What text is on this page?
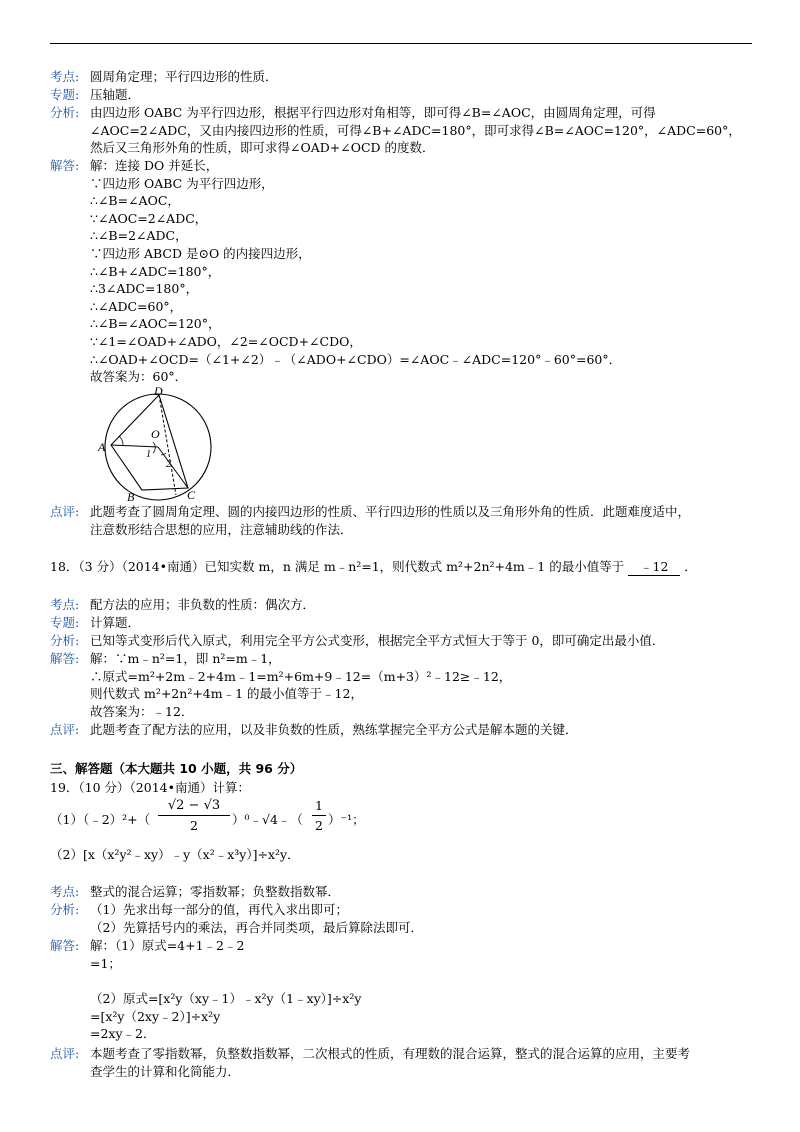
考点: 圆周角定理；平行四边形的性质．
专题: 压轴题．
分析: 由四边形 OABC 为平行四边形，根据平行四边形对角相等，即可得∠B=∠AOC，由圆周角定理，可得
∠AOC=2∠ADC，又由内接四边形的性质，可得∠B+∠ADC=180°，即可求得∠B=∠AOC=120°，∠ADC=60°，
然后又三角形外角的性质，即可求得∠OAD+∠OCD 的度数．
解答: 解：连接 DO 并延长，
∵四边形 OABC 为平行四边形，
∴∠B=∠AOC，
∵∠AOC=2∠ADC，
∴∠B=2∠ADC，
∵四边形 ABCD 是⊙O 的内接四边形，
∴∠B+∠ADC=180°，
∴3∠ADC=180°，
∴∠ADC=60°，
∴∠B=∠AOC=120°，
∵∠1=∠OAD+∠ADO，∠2=∠OCD+∠CDO，
∴∠OAD+∠OCD=（∠1+∠2）﹣（∠ADO+∠CDO）=∠AOC﹣∠ADC=120°﹣60°=60°．
故答案为：60°．
D
O
A
B	C
1
2
点评: 此题考查了圆周角定理、圆的内接四边形的性质、平行四边形的性质以及三角形外角的性质．此题难度适中，
注意数形结合思想的应用，注意辅助线的作法．
18．（3 分）（2014•南通）已知实数 m，n 满足 m﹣n²=1，则代数式 m²+2n²+4m﹣1 的最小值等于 ﹣12 ．
考点: 配方法的应用；非负数的性质：偶次方．
专题: 计算题．
分析: 已知等式变形后代入原式，利用完全平方公式变形，根据完全平方式恒大于等于 0，即可确定出最小值．
解答: 解：∵m﹣n²=1，即 n²=m﹣1，
∴原式=m²+2m﹣2+4m﹣1=m²+6m+9﹣12=（m+3）²﹣12≥﹣12，
则代数式 m²+2n²+4m﹣1 的最小值等于﹣12，
故答案为：﹣12．
点评: 此题考查了配方法的应用，以及非负数的性质，熟练掌握完全平方公式是解本题的关键．
三、解答题（本大题共 10 小题，共 96 分）
19．（10 分）（2014•南通）计算：
（1）（﹣2）²+（
√2 − √3
2	）⁰﹣√4﹣（
1
2 ）⁻¹；
（2）[x（x²y²﹣xy）﹣y（x²﹣x³y）]÷x²y．
考点: 整式的混合运算；零指数幂；负整数指数幂．
分析: （1）先求出每一部分的值，再代入求出即可；
（2）先算括号内的乘法，再合并同类项，最后算除法即可．
解答: 解：（1）原式=4+1﹣2﹣2
=1；
（2）原式=[x²y（xy﹣1）﹣x²y（1﹣xy）]÷x²y
=[x²y（2xy﹣2）]÷x²y
=2xy﹣2．
点评: 本题考查了零指数幂，负整数指数幂，二次根式的性质，有理数的混合运算，整式的混合运算的应用，主要考
查学生的计算和化简能力．
